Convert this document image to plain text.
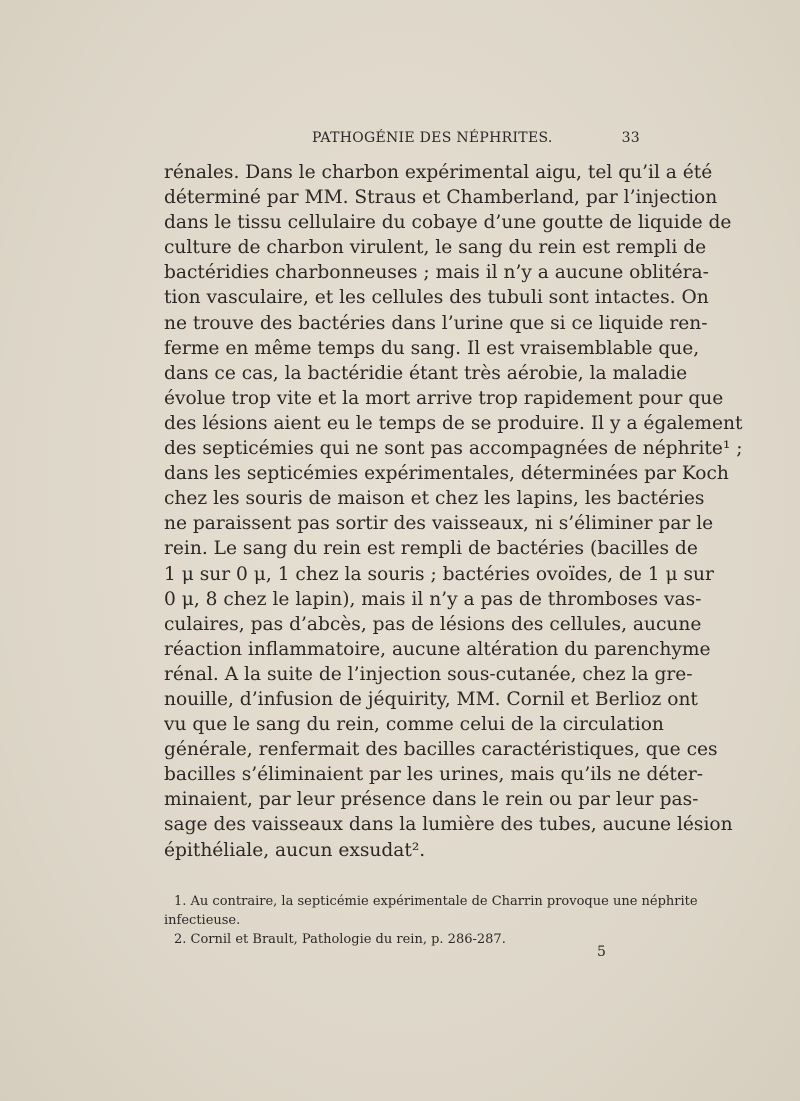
PATHOGÉNIE DES NÉPHRITES.	33
rénales. Dans le charbon expérimental aigu, tel qu’il a été
déterminé par MM. Straus et Chamberland, par l’injection
dans le tissu cellulaire du cobaye d’une goutte de liquide de
culture de charbon virulent, le sang du rein est rempli de
bactéridies charbonneuses ; mais il n’y a aucune oblitéra-
tion vasculaire, et les cellules des tubuli sont intactes. On
ne trouve des bactéries dans l’urine que si ce liquide ren-
ferme en même temps du sang. Il est vraisemblable que,
dans ce cas, la bactéridie étant très aérobie, la maladie
évolue trop vite et la mort arrive trop rapidement pour que
des lésions aient eu le temps de se produire. Il y a également
des septicémies qui ne sont pas accompagnées de néphrite¹ ;
dans les septicémies expérimentales, déterminées par Koch
chez les souris de maison et chez les lapins, les bactéries
ne paraissent pas sortir des vaisseaux, ni s’éliminer par le
rein. Le sang du rein est rempli de bactéries (bacilles de
1 μ sur 0 μ, 1 chez la souris ; bactéries ovoïdes, de 1 μ sur
0 μ, 8 chez le lapin), mais il n’y a pas de thromboses vas-
culaires, pas d’abcès, pas de lésions des cellules, aucune
réaction inflammatoire, aucune altération du parenchyme
rénal. A la suite de l’injection sous-cutanée, chez la gre-
nouille, d’infusion de jéquirity, MM. Cornil et Berlioz ont
vu que le sang du rein, comme celui de la circulation
générale, renfermait des bacilles caractéristiques, que ces
bacilles s’éliminaient par les urines, mais qu’ils ne déter-
minaient, par leur présence dans le rein ou par leur pas-
sage des vaisseaux dans la lumière des tubes, aucune lésion
épithéliale, aucun exsudat².
1. Au contraire, la septicémie expérimentale de Charrin provoque une néphrite
infectieuse.
2. Cornil et Brault, Pathologie du rein, p. 286-287.
5
